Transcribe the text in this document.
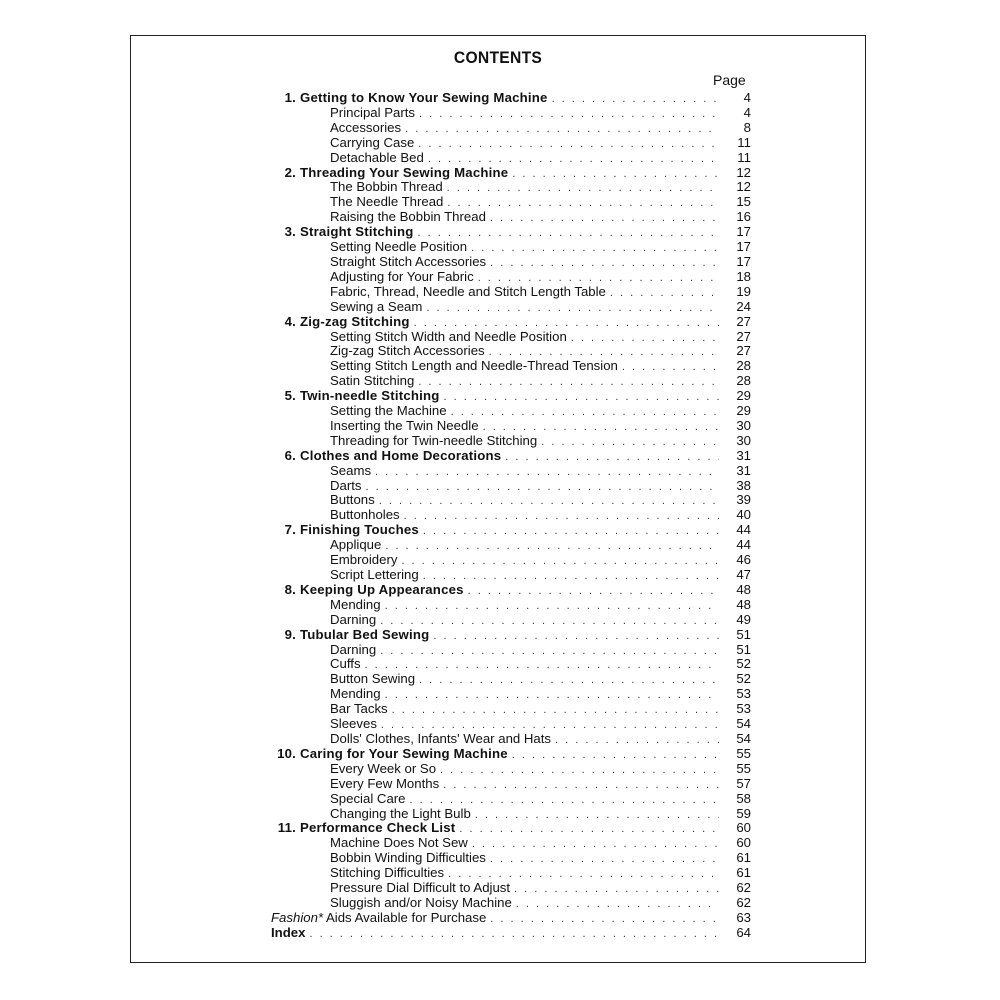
CONTENTS
Page
1. Getting to Know Your Sewing Machine . . .	4
Principal Parts . . .	4
Accessories . . .	8
Carrying Case . . .	11
Detachable Bed . . .	11
2. Threading Your Sewing Machine . . .	12
The Bobbin Thread . . .	12
The Needle Thread . . .	15
Raising the Bobbin Thread . . .	16
3. Straight Stitching . . .	17
Setting Needle Position . . .	17
Straight Stitch Accessories . . .	17
Adjusting for Your Fabric . . .	18
Fabric, Thread, Needle and Stitch Length Table . . .	19
Sewing a Seam . . .	24
4. Zig-zag Stitching . . .	27
Setting Stitch Width and Needle Position . . .	27
Zig-zag Stitch Accessories . . .	27
Setting Stitch Length and Needle-Thread Tension . . .	28
Satin Stitching . . .	28
5. Twin-needle Stitching . . .	29
Setting the Machine . . .	29
Inserting the Twin Needle . . .	30
Threading for Twin-needle Stitching . . .	30
6. Clothes and Home Decorations . . .	31
Seams . . .	31
Darts . . .	38
Buttons . . .	39
Buttonholes . . .	40
7. Finishing Touches . . .	44
Applique . . .	44
Embroidery . . .	46
Script Lettering . . .	47
8. Keeping Up Appearances . . .	48
Mending . . .	48
Darning . . .	49
9. Tubular Bed Sewing . . .	51
Darning . . .	51
Cuffs . . .	52
Button Sewing . . .	52
Mending . . .	53
Bar Tacks . . .	53
Sleeves . . .	54
Dolls' Clothes, Infants' Wear and Hats . . .	54
10. Caring for Your Sewing Machine . . .	55
Every Week or So . . .	55
Every Few Months . . .	57
Special Care . . .	58
Changing the Light Bulb . . .	59
11. Performance Check List . . .	60
Machine Does Not Sew . . .	60
Bobbin Winding Difficulties . . .	61
Stitching Difficulties . . .	61
Pressure Dial Difficult to Adjust . . .	62
Sluggish and/or Noisy Machine . . .	62
Fashion* Aids Available for Purchase . . .	63
Index . . .	64
